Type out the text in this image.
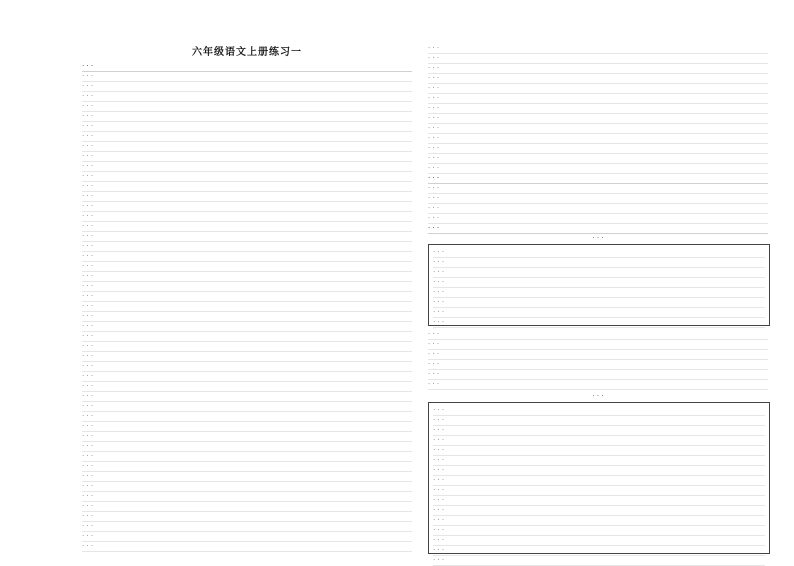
六年级语文上册练习一
· · ·
· · ·
· · ·
· · ·
· · ·
· · ·
· · ·
· · ·
· · ·
· · ·
· · ·
· · ·
· · ·
· · ·
· · ·
· · ·
· · ·
· · ·
· · ·
· · ·
· · ·
· · ·
· · ·
· · ·
· · ·
· · ·
· · ·
· · ·
· · ·
· · ·
· · ·
· · ·
· · ·
· · ·
· · ·
· · ·
· · ·
· · ·
· · ·
· · ·
· · ·
· · ·
· · ·
· · ·
· · ·
· · ·
· · ·
· · ·
· · ·
· · ·
· · ·
· · ·
· · ·
· · ·
· · ·
· · ·
· · ·
· · ·
· · ·
· · ·
· · ·
· · ·
· · ·
· · ·
· · ·
· · ·
· · ·
· · ·
· · ·
· · ·
· · ·
· · ·
· · ·
· · ·
· · ·
· · ·
· · ·
· · ·
· · ·
· · ·
· · ·
· · ·
· · ·
· · ·
· · ·
· · ·
· · ·
· · ·
· · ·
· · ·
· · ·
· · ·
· · ·
· · ·
· · ·
· · ·
· · ·
· · ·
· · ·
· · ·
